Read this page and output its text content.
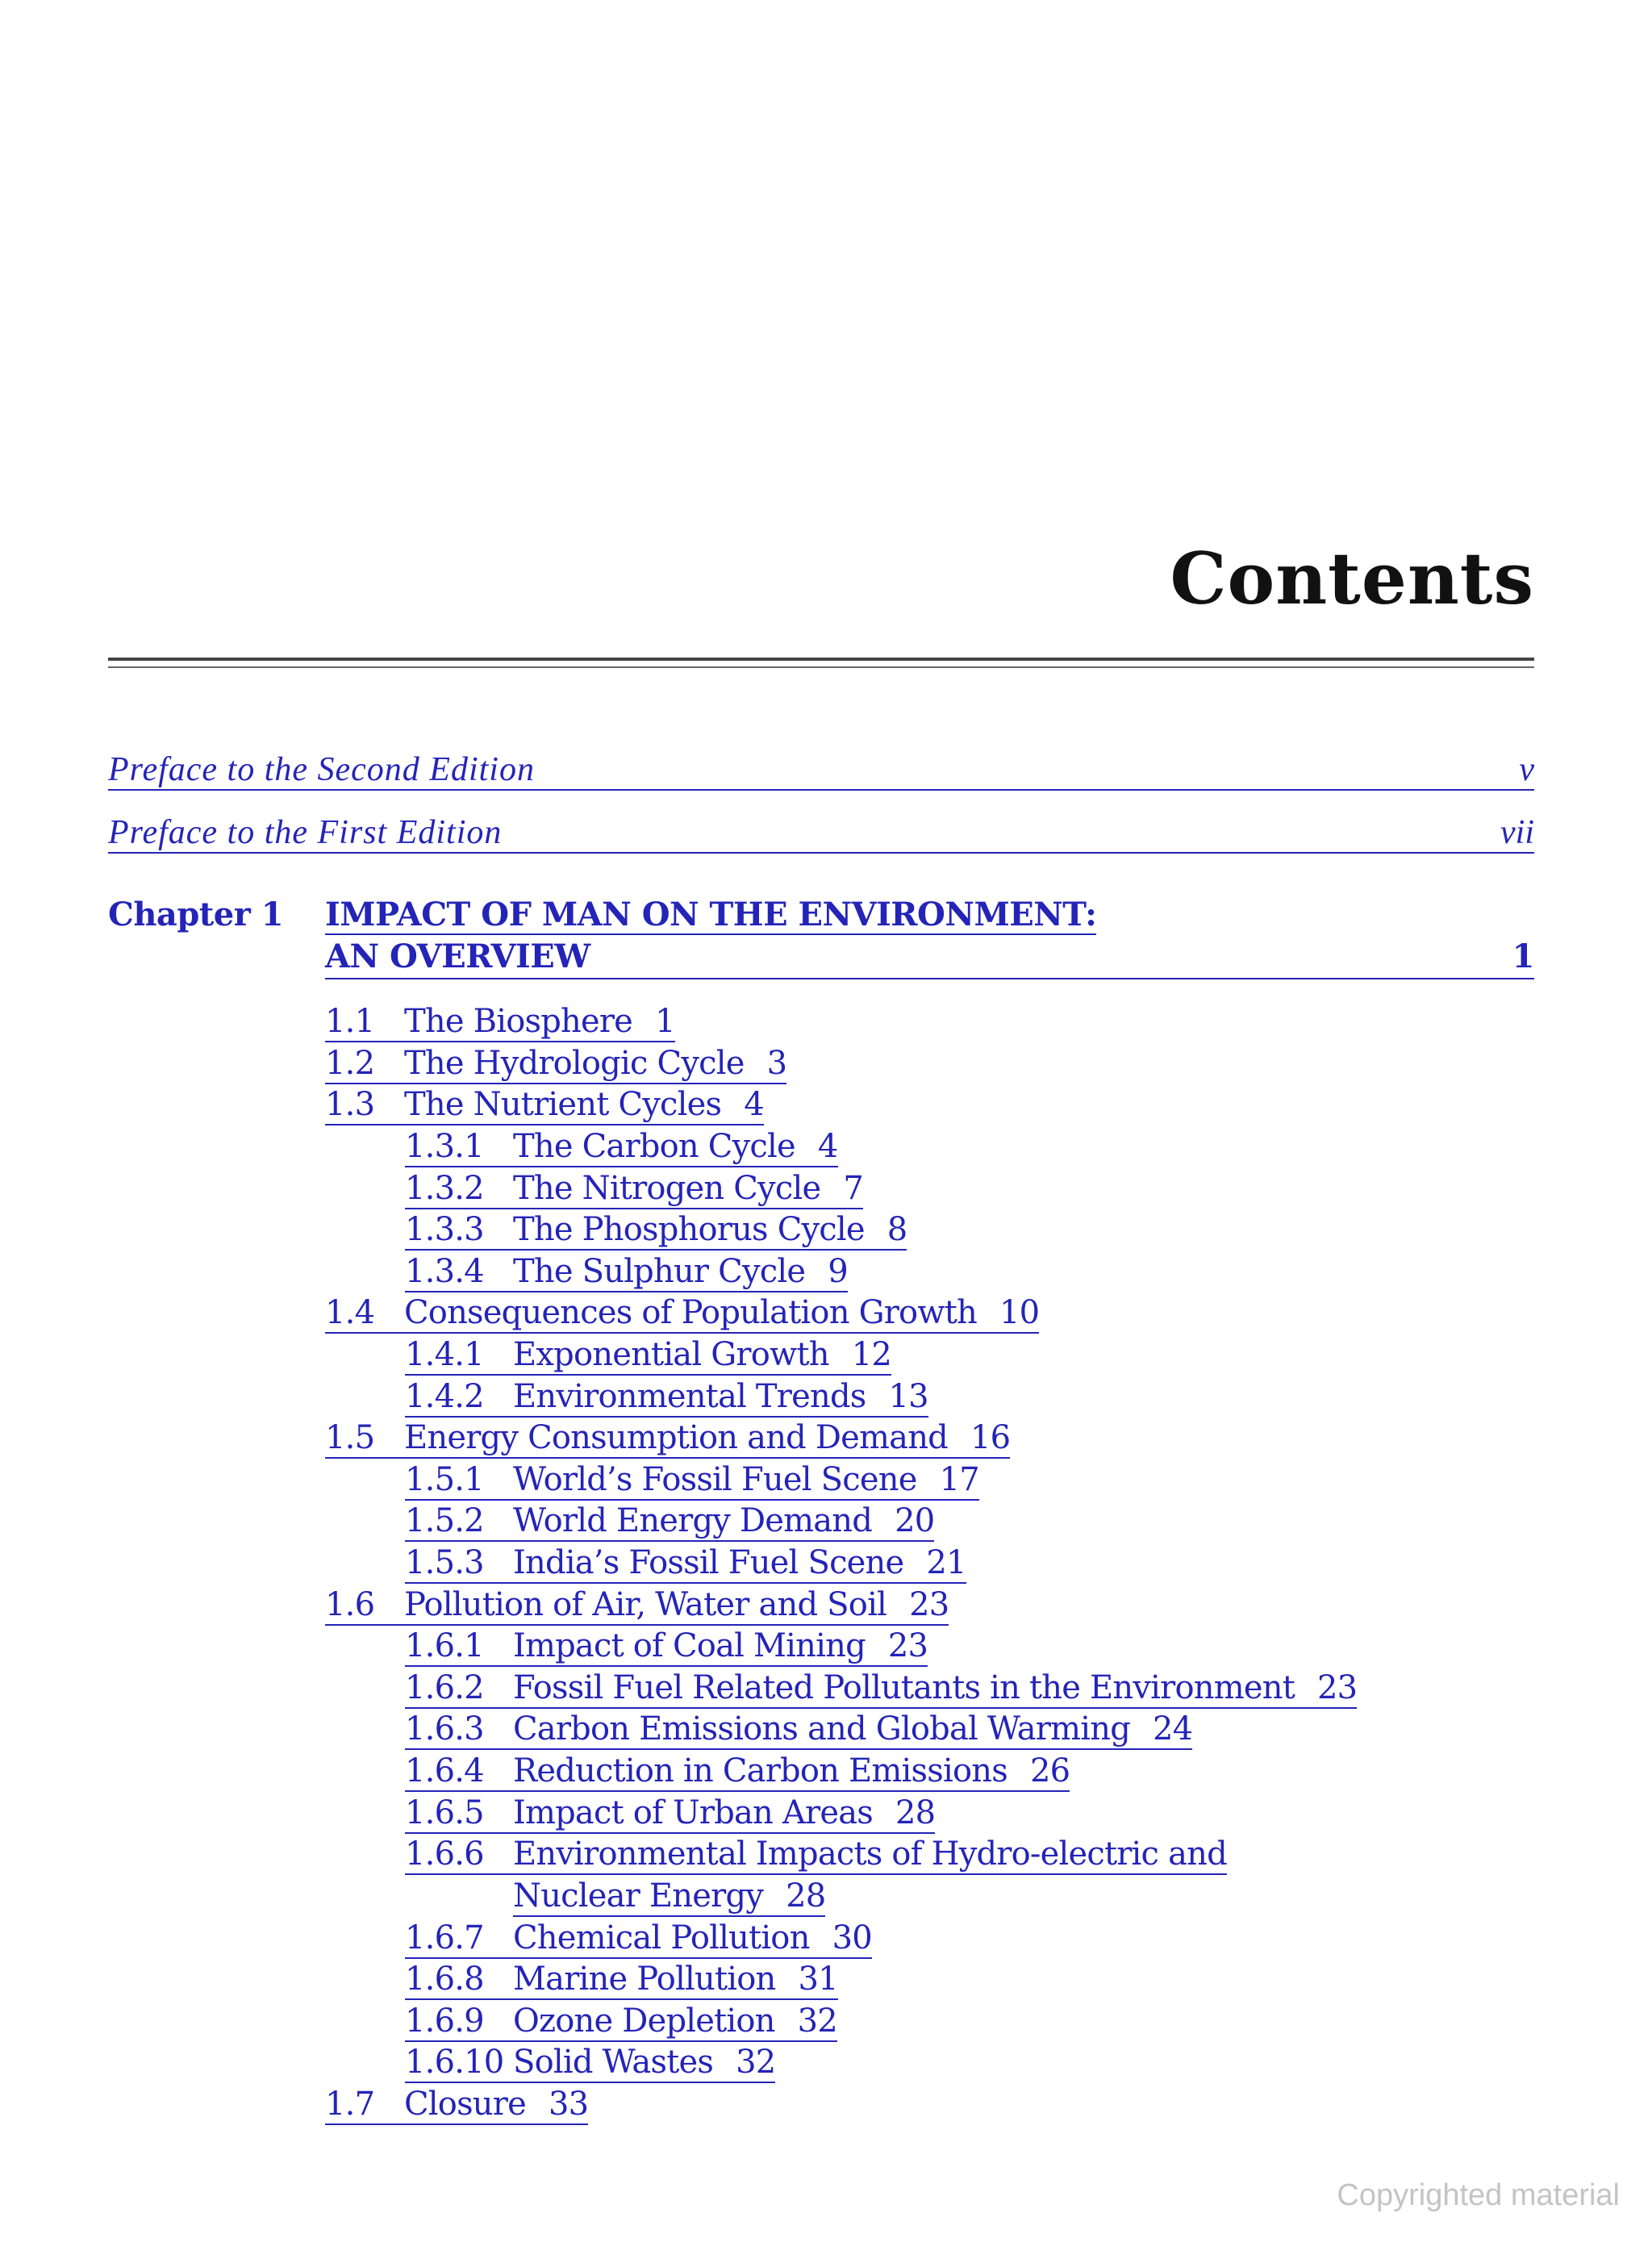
Contents
Preface to the Second Edition	v
Preface to the First Edition	vii
Chapter 1 IMPACT OF MAN ON THE ENVIRONMENT:
AN OVERVIEW	1
1.1 The Biosphere 1
1.2 The Hydrologic Cycle 3
1.3 The Nutrient Cycles 4
1.3.1 The Carbon Cycle 4
1.3.2 The Nitrogen Cycle 7
1.3.3 The Phosphorus Cycle 8
1.3.4 The Sulphur Cycle 9
1.4 Consequences of Population Growth 10
1.4.1 Exponential Growth 12
1.4.2 Environmental Trends 13
1.5 Energy Consumption and Demand 16
1.5.1 World’s Fossil Fuel Scene 17
1.5.2 World Energy Demand 20
1.5.3 India’s Fossil Fuel Scene 21
1.6 Pollution of Air, Water and Soil 23
1.6.1 Impact of Coal Mining 23
1.6.2 Fossil Fuel Related Pollutants in the Environment 23
1.6.3 Carbon Emissions and Global Warming 24
1.6.4 Reduction in Carbon Emissions 26
1.6.5 Impact of Urban Areas 28
1.6.6 Environmental Impacts of Hydro-electric and
Nuclear Energy 28
1.6.7 Chemical Pollution 30
1.6.8 Marine Pollution 31
1.6.9 Ozone Depletion 32
1.6.10 Solid Wastes 32
1.7 Closure 33
Copyrighted material
